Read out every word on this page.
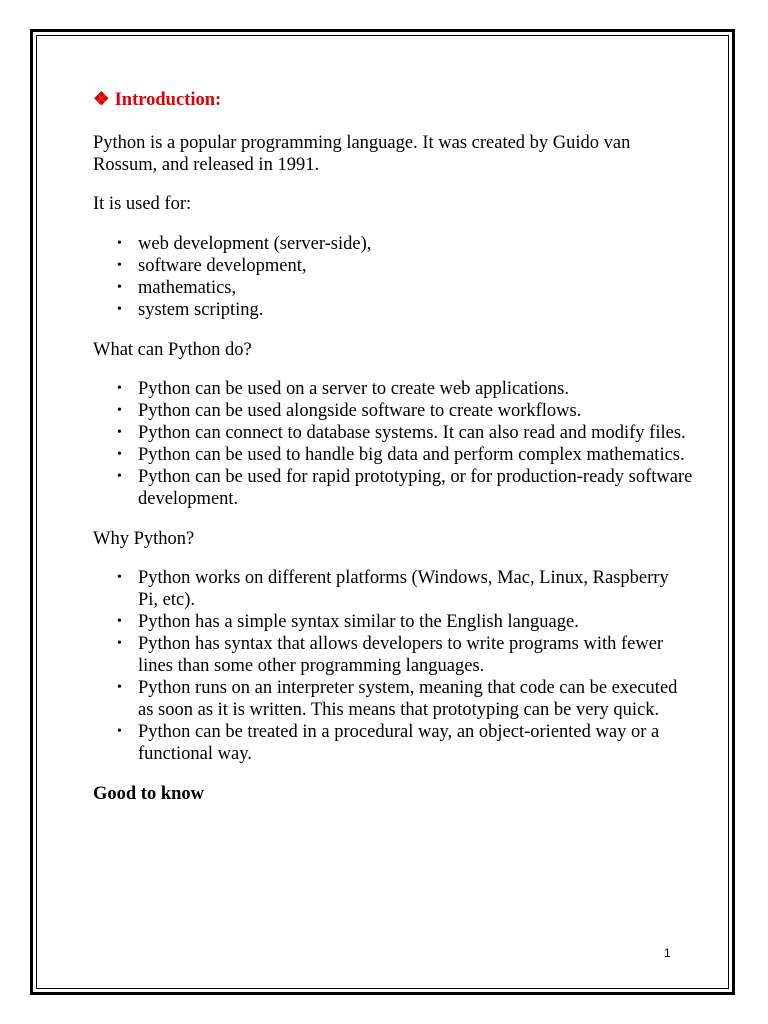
❖ Introduction:

Python is a popular programming language. It was created by Guido van Rossum, and released in 1991.

It is used for:

• web development (server-side),
• software development,
• mathematics,
• system scripting.

What can Python do?

• Python can be used on a server to create web applications.
• Python can be used alongside software to create workflows.
• Python can connect to database systems. It can also read and modify files.
• Python can be used to handle big data and perform complex mathematics.
• Python can be used for rapid prototyping, or for production-ready software development.

Why Python?

• Python works on different platforms (Windows, Mac, Linux, Raspberry Pi, etc).
• Python has a simple syntax similar to the English language.
• Python has syntax that allows developers to write programs with fewer lines than some other programming languages.
• Python runs on an interpreter system, meaning that code can be executed as soon as it is written. This means that prototyping can be very quick.
• Python can be treated in a procedural way, an object-oriented way or a functional way.

Good to know

1
